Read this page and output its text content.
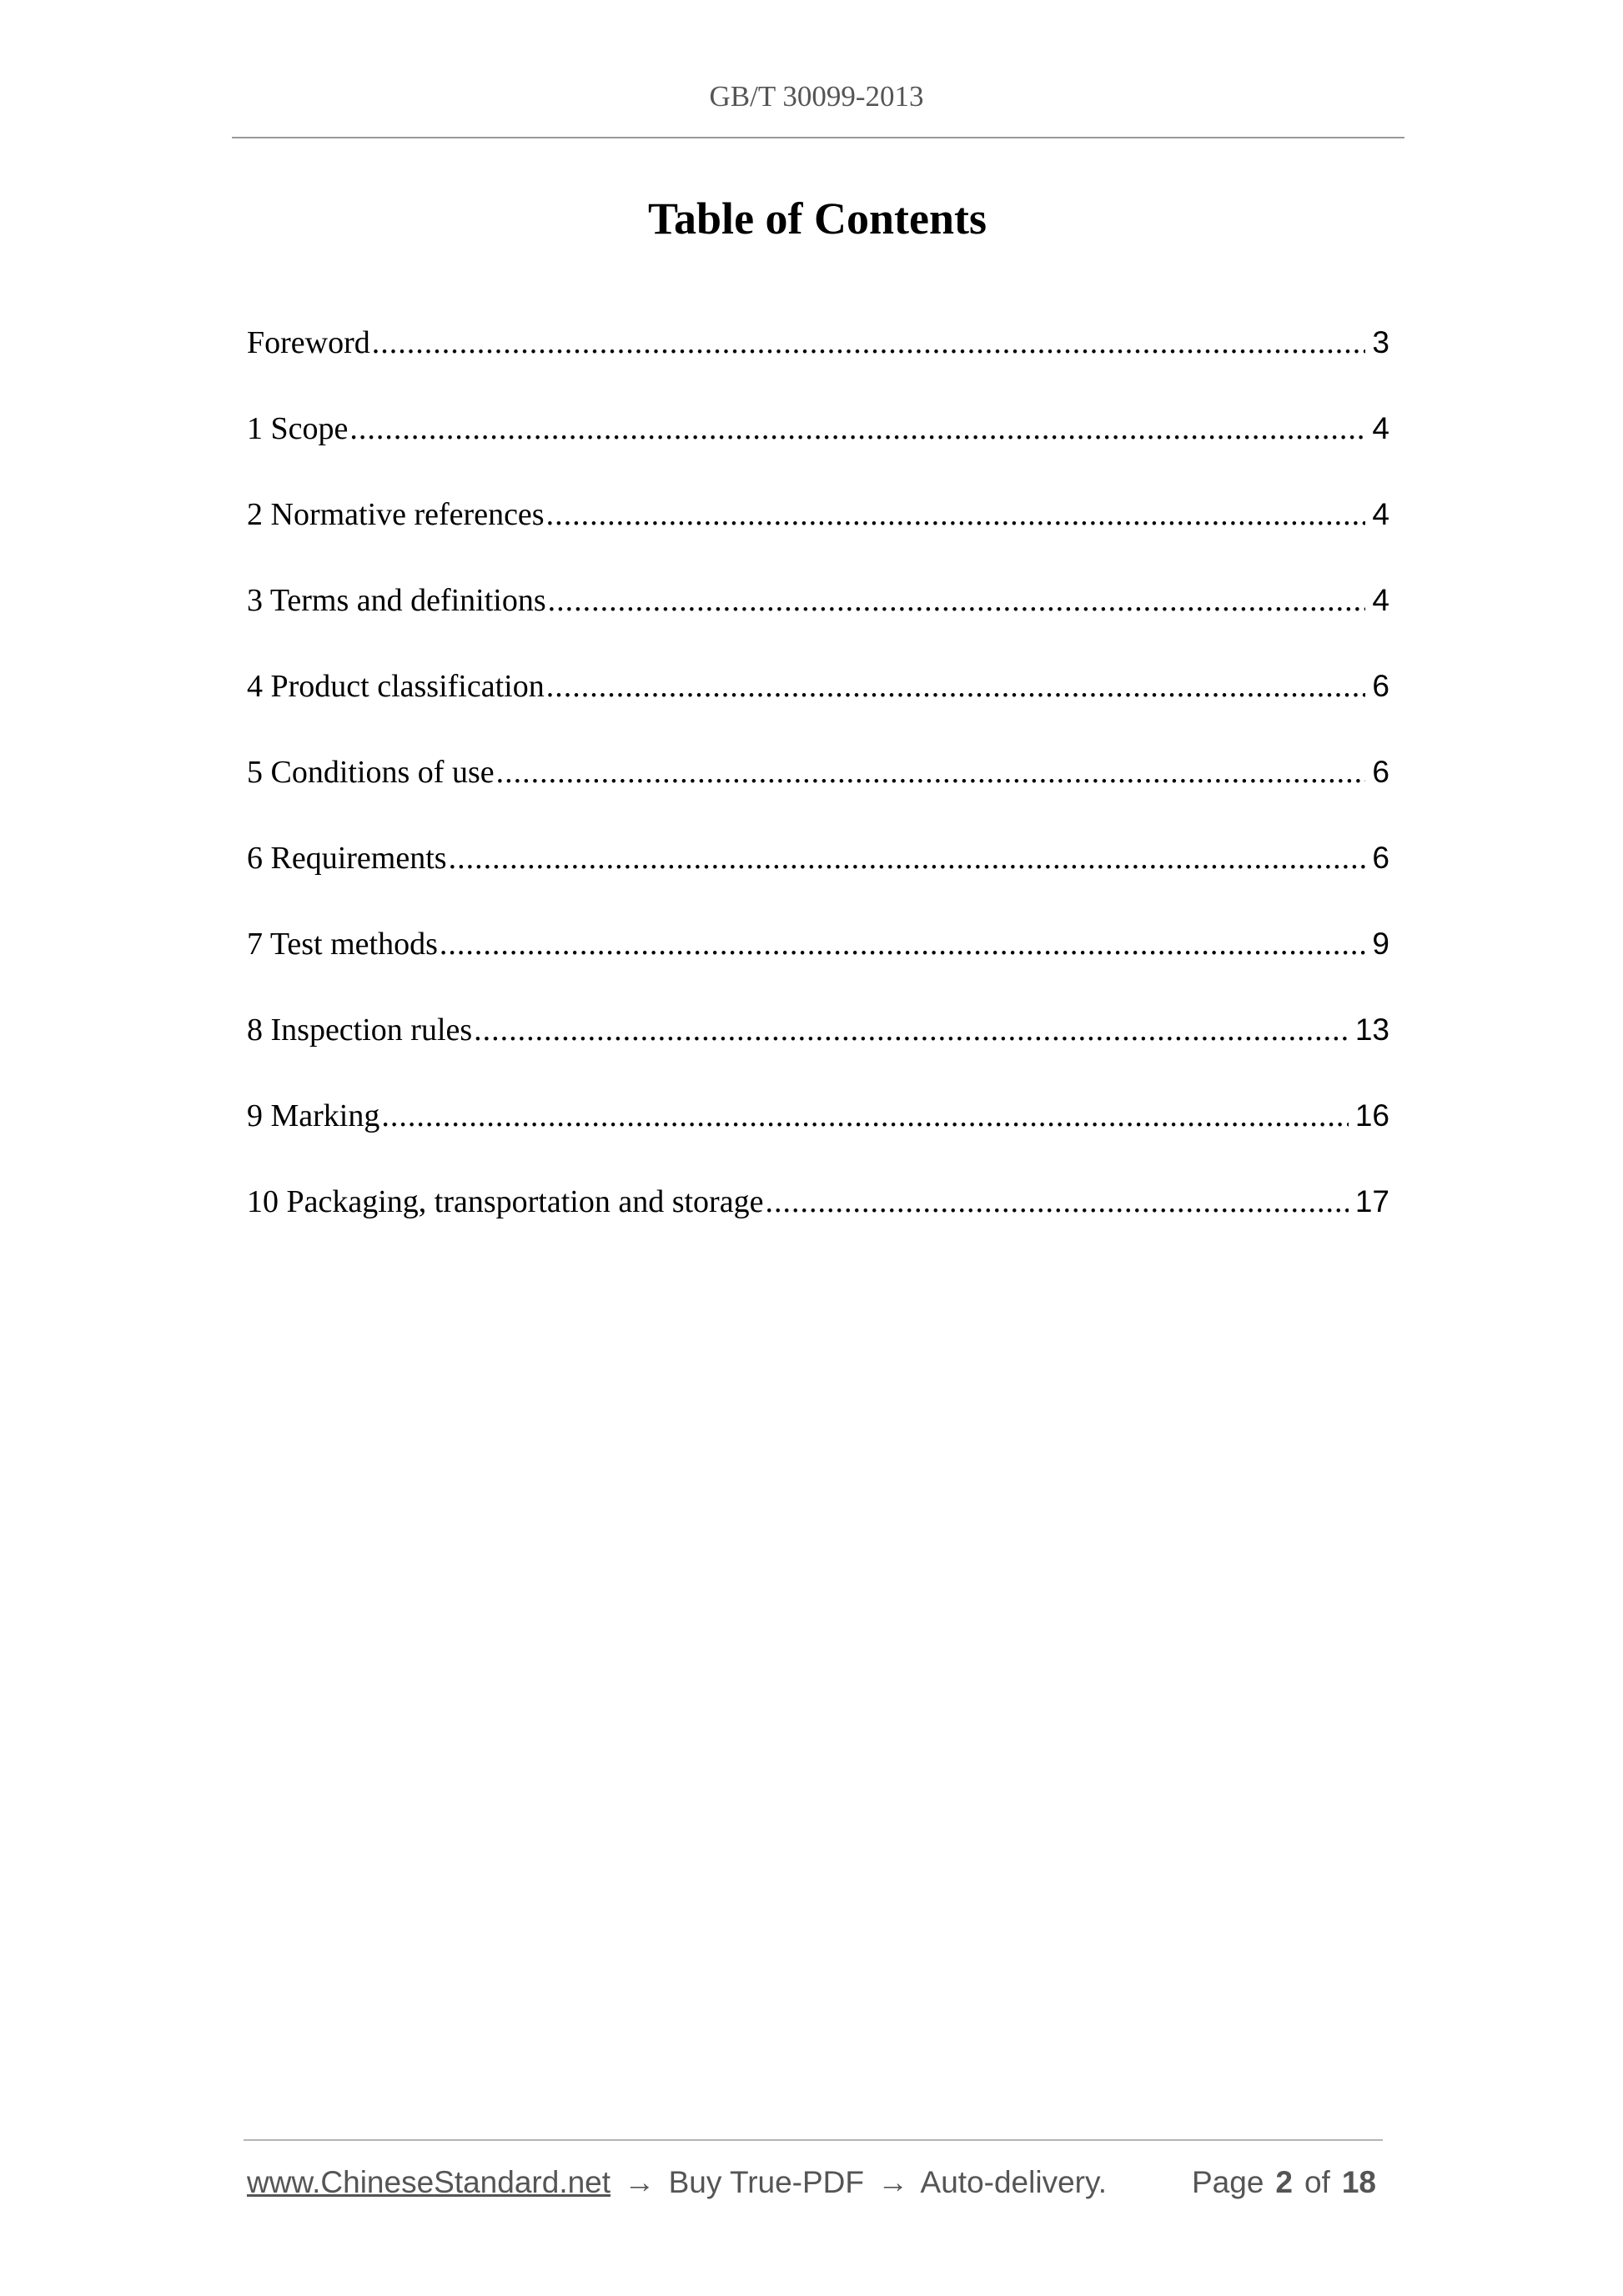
GB/T 30099-2013
Table of Contents
Foreword .....	3
1 Scope .....	4
2 Normative references .....	4
3 Terms and definitions .....	4
4 Product classification .....	6
5 Conditions of use .....	6
6 Requirements .....	6
7 Test methods .....	9
8 Inspection rules .....	13
9 Marking .....	16
10 Packaging, transportation and storage .....	17
www.ChineseStandard.net → Buy True-PDF → Auto-delivery.	Page 2 of 18
